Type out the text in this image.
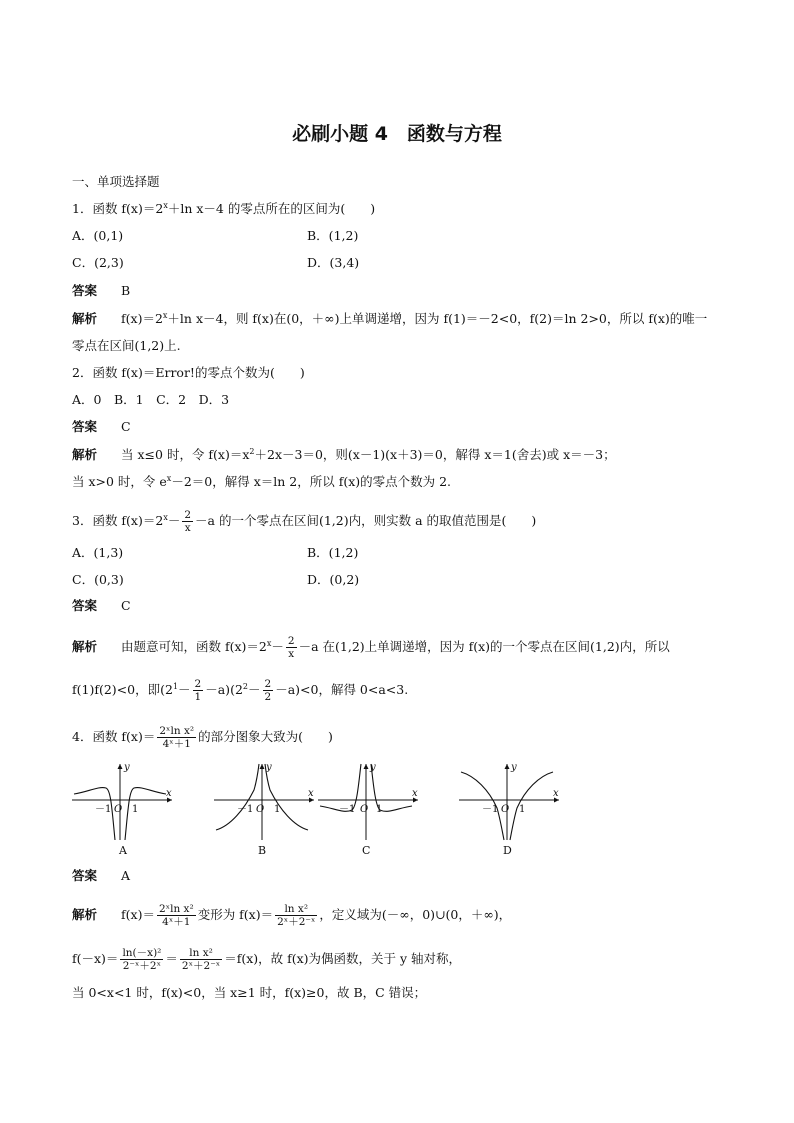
必刷小题 4　函数与方程
一、单项选择题
1．函数 $f(x)=2^x+\ln$ x－4 的零点所在的区间为(　　)
A．(0,1)	B．(1,2)
C．(2,3)	D．(3,4)
答案 B
解析 $f(x)=2^x+\ln$ x－4，则 f(x)在(0，＋∞)上单调递增，因为 f(1)＝－2<0，f(2)＝ln 2>0，所以 f(x)的唯一
零点在区间(1,2)上.
2．函数 f(x)＝Error!的零点个数为(　　)
A．0　B．1　C．2　D．3
答案 C
解析 当 x≤0 时，令 $f(x)=x^2+2x-3=0$，则(x－1)(x＋3)＝0，解得 x＝1(舍去)或 x＝－3；
当 x>0 时，令 $e^x-2=0$，解得 x＝ln 2，所以 f(x)的零点个数为 2.
3．函数 $f(x)=2^x- \frac{2}{x} -a$ 的一个零点在区间(1,2)内，则实数 a 的取值范围是(　　)
A．(1,3)	B．(1,2)
C．(0,3)	D．(0,2)
答案 C
解析 由题意可知，函数 $f(x)=2^x- \frac{2}{x} -a$ 在(1,2)上单调递增，因为 f(x)的一个零点在区间(1,2)内，所以
f(1)f(2)<0，即$(2^1- \frac{2}{1} -a)(2^2- \frac{2}{2} -a)<0$，解得 0<a<3.
4．函数 $f(x)= \frac{\text{2ˣln x²}}{\text{4ˣ＋1}}$ 的部分图象大致为(　　)
y
x
O
－1 1
A
y
x
O
－1 1
B
y
x
O
－1 1
C
y
x
O
－1 1
D
答案 A
解析 $f(x)= \frac{\text{2ˣln x²}}{\text{4ˣ＋1}}$ 变形为 $f(x)= \frac{\text{ln x²}}{\text{2ˣ＋2⁻ˣ}}$ ，定义域为(－∞，0)∪(0，＋∞)，
$f(-x)= \frac{\text{ln(－x)²}}{\text{2⁻ˣ＋2ˣ}} = \frac{\text{ln x²}}{\text{2ˣ＋2⁻ˣ}} =f(x)$，故 f(x)为偶函数，关于 y 轴对称，
当 0<x<1 时，f(x)<0，当 x≥1 时，f(x)≥0，故 B，C 错误；
